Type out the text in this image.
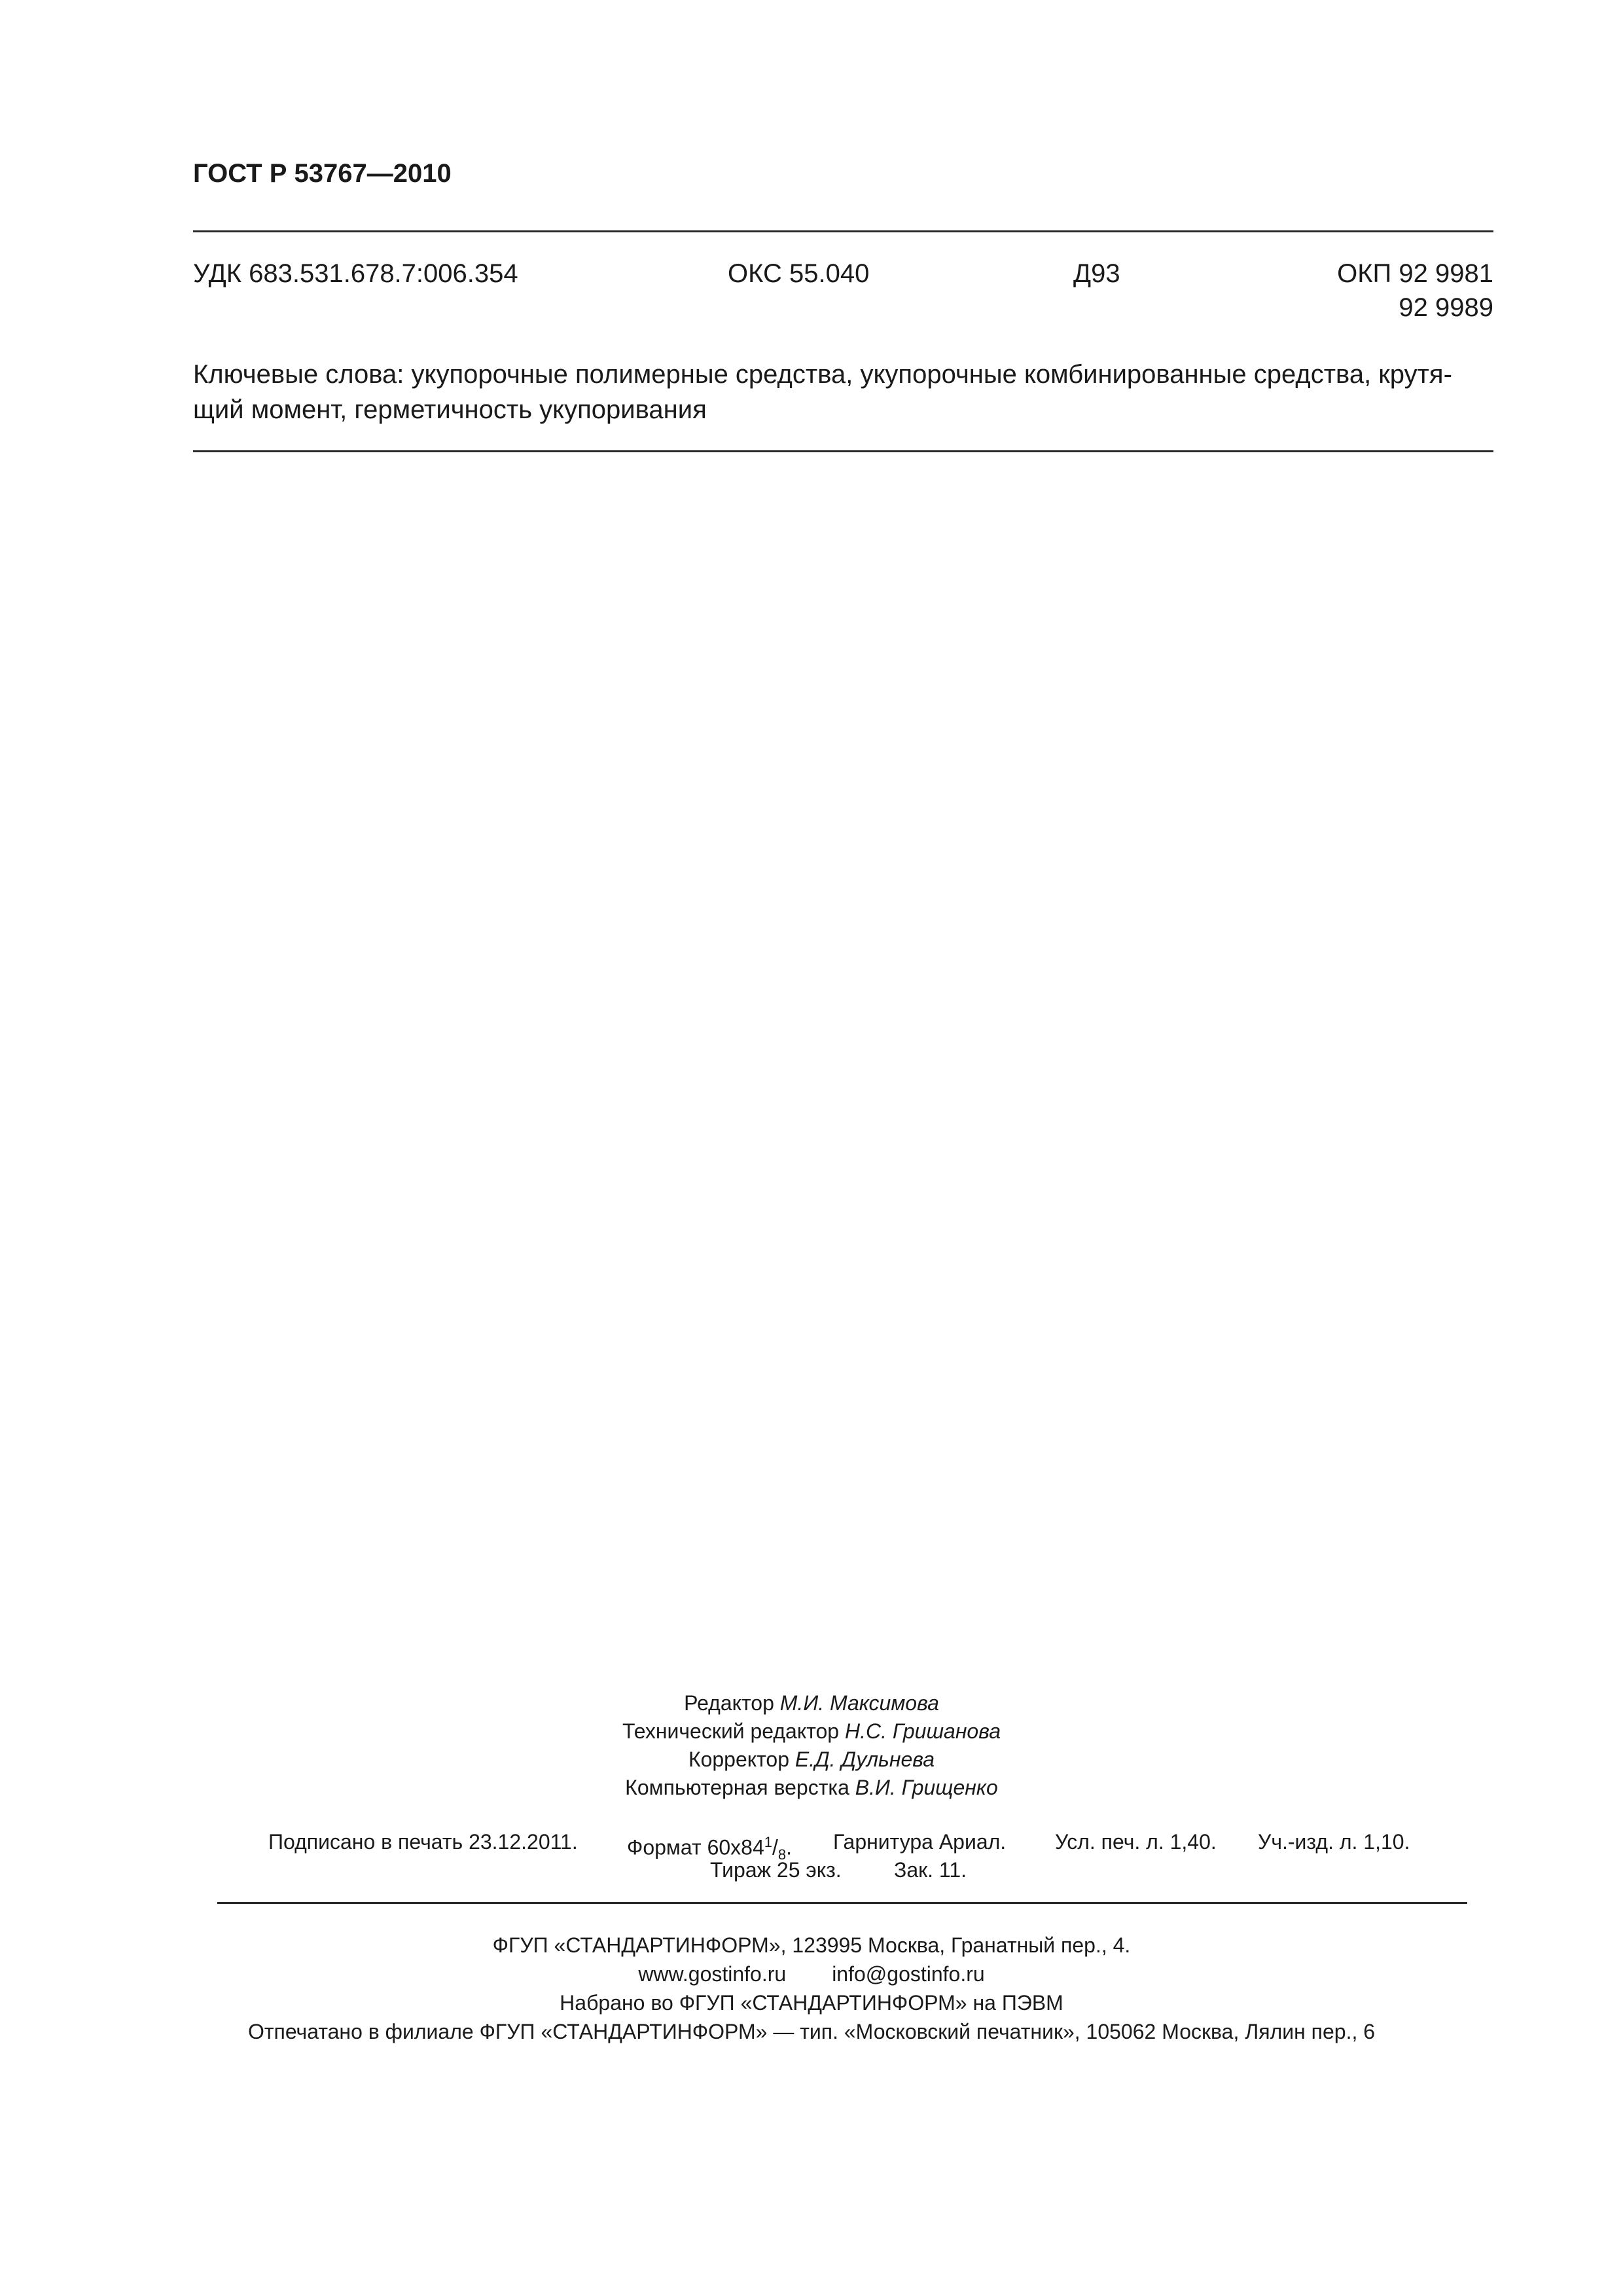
ГОСТ Р 53767—2010
УДК 683.531.678.7:006.354	ОКС 55.040	Д93	ОКП 92 9981
92 9989
Ключевые слова: укупорочные полимерные средства, укупорочные комбинированные средства, крутя-
щий момент, герметичность укупоривания
Редактор М.И. Максимова
Технический редактор Н.С. Гришанова
Корректор Е.Д. Дульнева
Компьютерная верстка В.И. Грищенко
Подписано в печать 23.12.2011. Формат $60x84^1/_8$. Гарнитура Ариал. Усл. печ. л. 1,40. Уч.-изд. л. 1,10.
Тираж 25 экз.	Зак. 11.
ФГУП «СТАНДАРТИНФОРМ», 123995 Москва, Гранатный пер., 4.
www.gostinfo.ru info@gostinfo.ru
Набрано во ФГУП «СТАНДАРТИНФОРМ» на ПЭВМ
Отпечатано в филиале ФГУП «СТАНДАРТИНФОРМ» — тип. «Московский печатник», 105062 Москва, Лялин пер., 6
